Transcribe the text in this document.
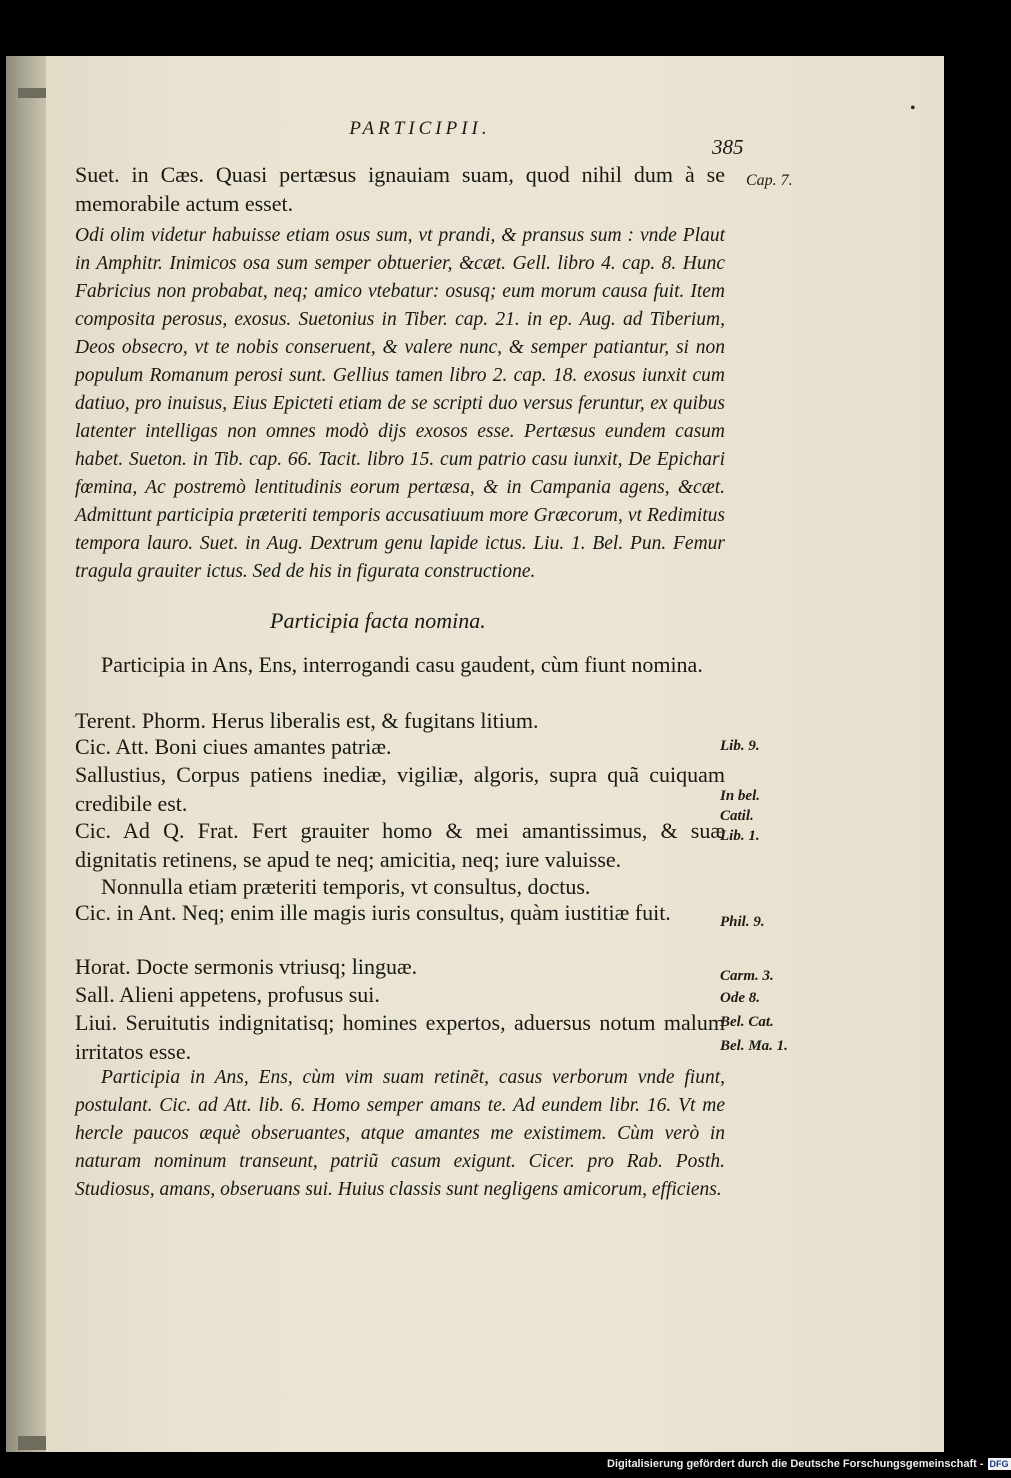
•
PARTICIPII.
385

Suet. in Cæs. Quasi pertæsus ignauiam suam, quod nihil dum à se memorabile actum esset.

Odi olim videtur habuisse etiam osus sum, vt prandi, & pransus sum : vnde Plaut in Amphitr. Inimicos osa sum semper obtuerier, &cæt. Gell. libro 4. cap. 8. Hunc Fabricius non probabat, neq; amico vtebatur: osusq; eum morum causa fuit. Item composita perosus, exosus. Suetonius in Tiber. cap. 21. in ep. Aug. ad Tiberium, Deos obsecro, vt te nobis conseruent, & valere nunc, & semper patiantur, si non populum Romanum perosi sunt. Gellius tamen libro 2. cap. 18. exosus iunxit cum datiuo, pro inuisus, Eius Epicteti etiam de se scripti duo versus feruntur, ex quibus latenter intelligas non omnes modò dijs exosos esse. Pertæsus eundem casum habet. Sueton. in Tib. cap. 66. Tacit. libro 15. cum patrio casu iunxit, De Epichari fœmina, Ac postremò lentitudinis eorum pertæsa, & in Campania agens, &cæt. Admittunt participia præteriti temporis accusatiuum more Græcorum, vt Redimitus tempora lauro. Suet. in Aug. Dextrum genu lapide ictus. Liu. 1. Bel. Pun. Femur tragula grauiter ictus. Sed de his in figurata constructione.

Participia facta nomina.

Participia in Ans, Ens, interrogandi casu gaudent, cùm fiunt nomina.

Terent. Phorm. Herus liberalis est, & fugitans litium.

Cic. Att. Boni ciues amantes patriæ.

Sallustius, Corpus patiens inediæ, vigiliæ, algoris, supra quã cuiquam credibile est.

Cic. Ad Q. Frat. Fert grauiter homo & mei amantissimus, & suæ dignitatis retinens, se apud te neq; amicitia, neq; iure valuisse.

Nonnulla etiam præteriti temporis, vt consultus, doctus.

Cic. in Ant. Neq; enim ille magis iuris consultus, quàm iustitiæ fuit.

Horat. Docte sermonis vtriusq; linguæ.

Sall. Alieni appetens, profusus sui.

Liui. Seruitutis indignitatisq; homines expertos, aduersus notum malum irritatos esse.

Participia in Ans, Ens, cùm vim suam retinẽt, casus verborum vnde fiunt, postulant. Cic. ad Att. lib. 6. Homo semper amans te. Ad eundem libr. 16. Vt me hercle paucos æquè obseruantes, atque amantes me existimem. Cùm verò in naturam nominum transeunt, patriũ casum exigunt. Cicer. pro Rab. Posth. Studiosus, amans, obseruans sui. Huius classis sunt negligens amicorum, efficiens.

Cap. 7.
Lib. 9.
In bel.
Catil.
Lib. 1.
Phil. 9.
Carm. 3.
Ode 8.
Bel. Cat.
Bel. Ma. 1.
Digitalisierung gefördert durch die Deutsche Forschungsgemeinschaft - DFG
